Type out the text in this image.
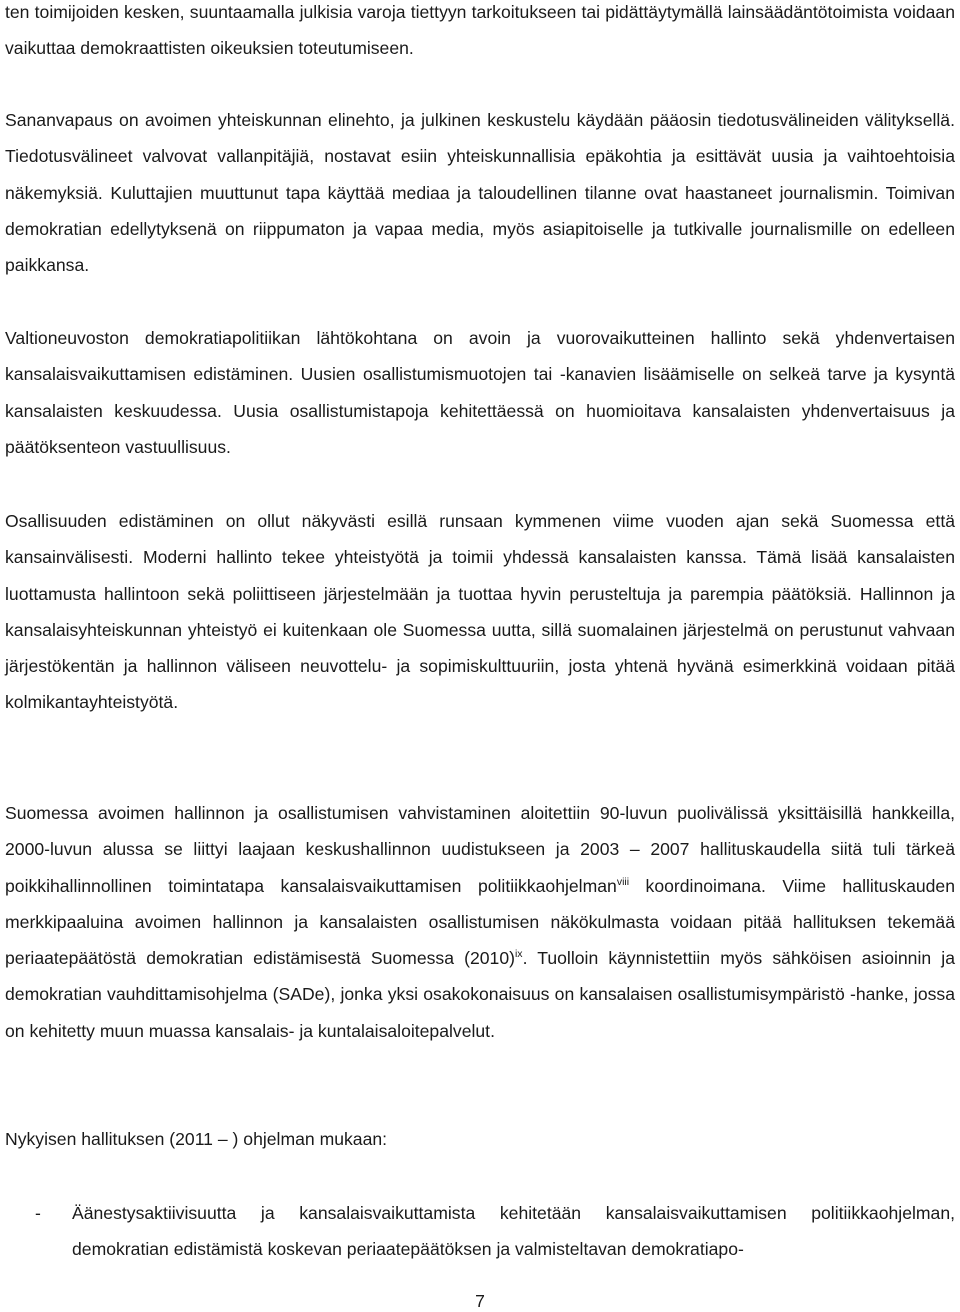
ten toimijoiden kesken, suuntaamalla julkisia varoja tiettyyn tarkoitukseen tai pidättäytymällä lainsäädäntötoimista voidaan vaikuttaa demokraattisten oikeuksien toteutumiseen.

Sananvapaus on avoimen yhteiskunnan elinehto, ja julkinen keskustelu käydään pääosin tiedotusvälineiden välityksellä. Tiedotusvälineet valvovat vallanpitäjiä, nostavat esiin yhteiskunnallisia epäkohtia ja esittävät uusia ja vaihtoehtoisia näkemyksiä. Kuluttajien muuttunut tapa käyttää mediaa ja taloudellinen tilanne ovat haastaneet journalismin. Toimivan demokratian edellytyksenä on riippumaton ja vapaa media, myös asiapitoiselle ja tutkivalle journalismille on edelleen paikkansa.

Valtioneuvoston demokratiapolitiikan lähtökohtana on avoin ja vuorovaikutteinen hallinto sekä yhdenvertaisen kansalaisvaikuttamisen edistäminen. Uusien osallistumismuotojen tai -kanavien lisäämiselle on selkeä tarve ja kysyntä kansalaisten keskuudessa. Uusia osallistumistapoja kehitettäessä on huomioitava kansalaisten yhdenvertaisuus ja päätöksenteon vastuullisuus.

Osallisuuden edistäminen on ollut näkyvästi esillä runsaan kymmenen viime vuoden ajan sekä Suomessa että kansainvälisesti. Moderni hallinto tekee yhteistyötä ja toimii yhdessä kansalaisten kanssa. Tämä lisää kansalaisten luottamusta hallintoon sekä poliittiseen järjestelmään ja tuottaa hyvin perusteltuja ja parempia päätöksiä. Hallinnon ja kansalaisyhteiskunnan yhteistyö ei kuitenkaan ole Suomessa uutta, sillä suomalainen järjestelmä on perustunut vahvaan järjestökentän ja hallinnon väliseen neuvottelu- ja sopimiskulttuuriin, josta yhtenä hyvänä esimerkkinä voidaan pitää kolmikantayhteistyötä.

Suomessa avoimen hallinnon ja osallistumisen vahvistaminen aloitettiin 90-luvun puolivälissä yksittäisillä hankkeilla, 2000-luvun alussa se liittyi laajaan keskushallinnon uudistukseen ja 2003 – 2007 hallituskaudella siitä tuli tärkeä poikkihallinnollinen toimintatapa kansalaisvaikuttamisen politiikkaohjelman$^{viii}$ koordinoimana. Viime hallituskauden merkkipaaluina avoimen hallinnon ja kansalaisten osallistumisen näkökulmasta voidaan pitää hallituksen tekemää periaatepäätöstä demokratian edistämisestä Suomessa $(2010)^{ix}$. Tuolloin käynnistettiin myös sähköisen asioinnin ja demokratian vauhdittamisohjelma (SADe), jonka yksi osakokonaisuus on kansalaisen osallistumisympäristö -hanke, jossa on kehitetty muun muassa kansalais- ja kuntalaisaloitepalvelut.

Nykyisen hallituksen (2011 – ) ohjelman mukaan:

- Äänestysaktiivisuutta ja kansalaisvaikuttamista kehitetään kansalaisvaikuttamisen politiikkaohjelman, demokratian edistämistä koskevan periaatepäätöksen ja valmisteltavan demokratiapo-
7
